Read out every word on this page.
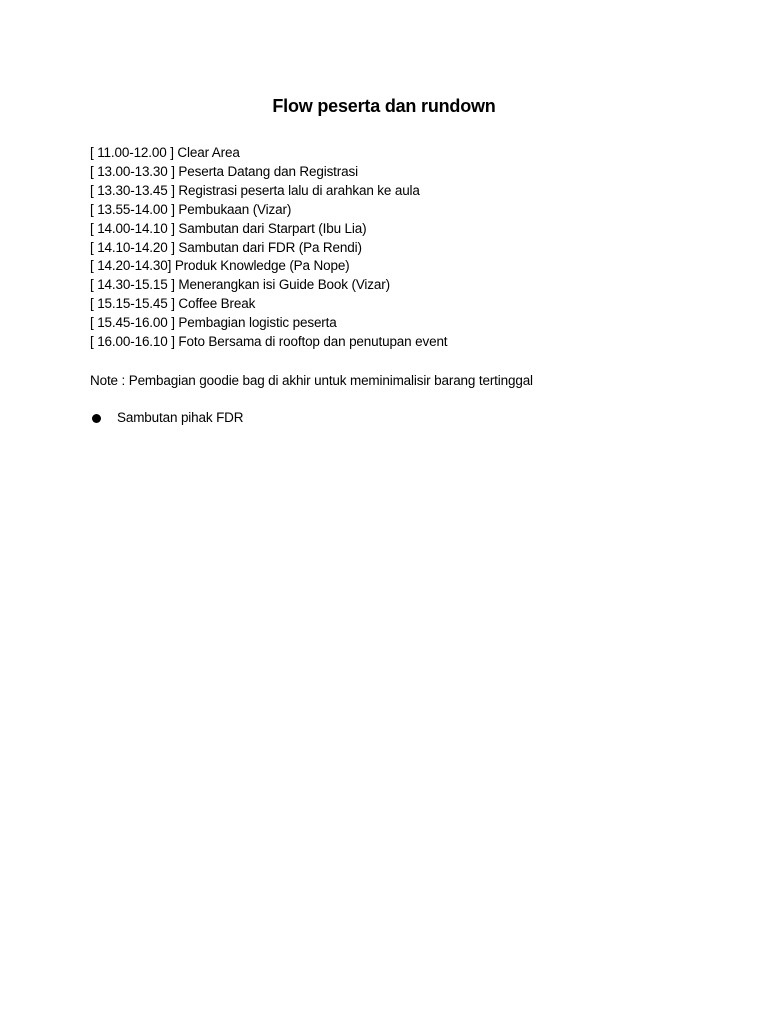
Flow peserta dan rundown
[ 11.00-12.00 ] Clear Area
[ 13.00-13.30 ] Peserta Datang dan Registrasi
[ 13.30-13.45 ] Registrasi peserta lalu di arahkan ke aula
[ 13.55-14.00 ] Pembukaan (Vizar)
[ 14.00-14.10 ] Sambutan dari Starpart (Ibu Lia)
[ 14.10-14.20 ] Sambutan dari FDR (Pa Rendi)
[ 14.20-14.30] Produk Knowledge (Pa Nope)
[ 14.30-15.15 ] Menerangkan isi Guide Book (Vizar)
[ 15.15-15.45 ] Coffee Break
[ 15.45-16.00 ] Pembagian logistic peserta
[ 16.00-16.10 ] Foto Bersama di rooftop dan penutupan event
Note : Pembagian goodie bag di akhir untuk meminimalisir barang tertinggal
Sambutan pihak FDR
